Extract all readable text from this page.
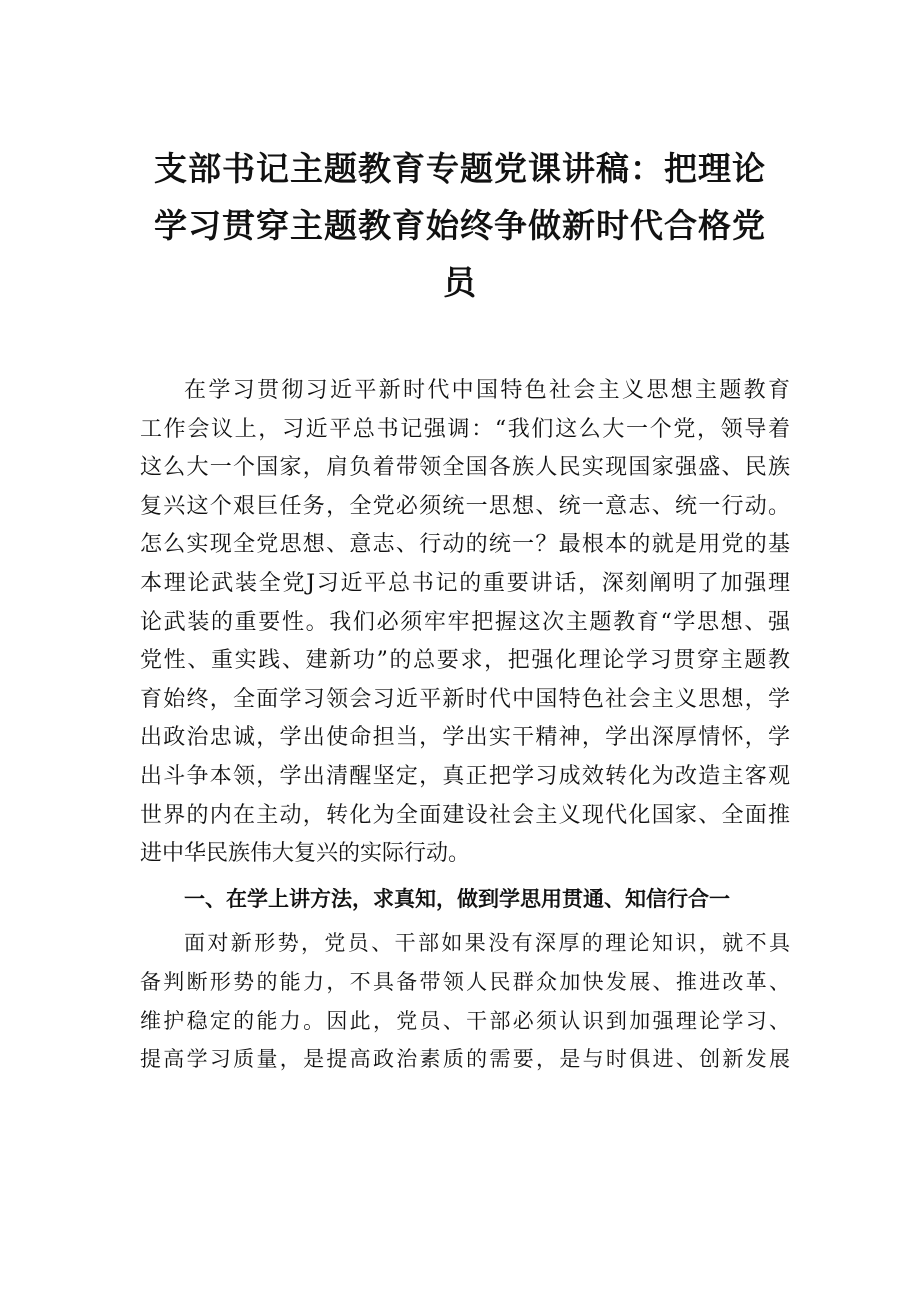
支部书记主题教育专题党课讲稿：把理论
学习贯穿主题教育始终争做新时代合格党
员
在学习贯彻习近平新时代中国特色社会主义思想主题教育
工作会议上，习近平总书记强调：“我们这么大一个党，领导着
这么大一个国家，肩负着带领全国各族人民实现国家强盛、民族
复兴这个艰巨任务，全党必须统一思想、统一意志、统一行动。
怎么实现全党思想、意志、行动的统一？最根本的就是用党的基
本理论武装全党J习近平总书记的重要讲话，深刻阐明了加强理
论武装的重要性。我们必须牢牢把握这次主题教育“学思想、强
党性、重实践、建新功”的总要求，把强化理论学习贯穿主题教
育始终，全面学习领会习近平新时代中国特色社会主义思想，学
出政治忠诚，学出使命担当，学出实干精神，学出深厚情怀，学
出斗争本领，学出清醒坚定，真正把学习成效转化为改造主客观
世界的内在主动，转化为全面建设社会主义现代化国家、全面推
进中华民族伟大复兴的实际行动。
一、在学上讲方法，求真知，做到学思用贯通、知信行合一
面对新形势，党员、干部如果没有深厚的理论知识，就不具
备判断形势的能力，不具备带领人民群众加快发展、推进改革、
维护稳定的能力。因此，党员、干部必须认识到加强理论学习、
提高学习质量，是提高政治素质的需要，是与时俱进、创新发展
